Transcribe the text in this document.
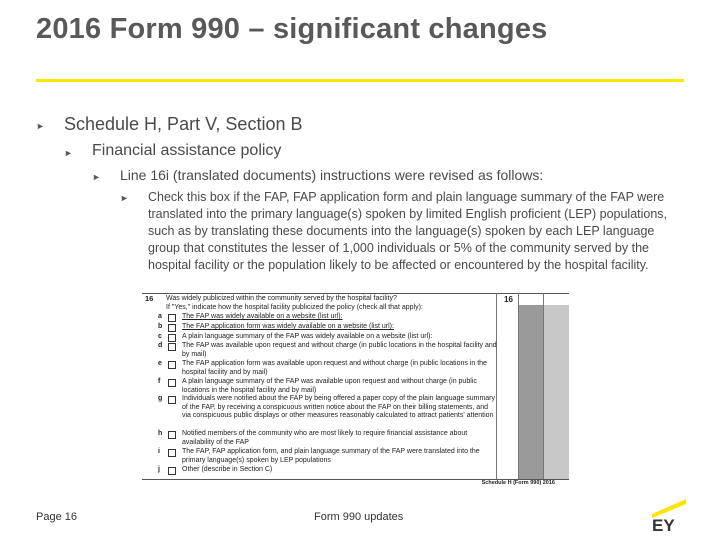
2016 Form 990 – significant changes
► Schedule H, Part V, Section B
► Financial assistance policy
► Line 16i (translated documents) instructions were revised as follows:
► Check this box if the FAP, FAP application form and plain language summary of the FAP were translated into the primary language(s) spoken by limited English proficient (LEP) populations, such as by translating these documents into the language(s) spoken by each LEP language group that constitutes the lesser of 1,000 individuals or 5% of the community served by the hospital facility or the population likely to be affected or encountered by the hospital facility.
16
16 Was widely publicized within the community served by the hospital facility?
If "Yes," indicate how the hospital facility publicized the policy (check all that apply):
a	The FAP was widely available on a website (list url):
b	The FAP application form was widely available on a website (list url):
c	A plain language summary of the FAP was widely available on a website (list url):
d	The FAP was available upon request and without charge (in public locations in the hospital facility and by mail)
e	The FAP application form was available upon request and without charge (in public locations in the hospital facility and by mail)
f	A plain language summary of the FAP was available upon request and without charge (in public locations in the hospital facility and by mail)
g	Individuals were notified about the FAP by being offered a paper copy of the plain language summary of the FAP, by receiving a conspicuous written notice about the FAP on their billing statements, and via conspicuous public displays or other measures reasonably calculated to attract patients' attention
h	Notified members of the community who are most likely to require financial assistance about availability of the FAP
i	The FAP, FAP application form, and plain language summary of the FAP were translated into the primary language(s) spoken by LEP populations
j	Other (describe in Section C)
Schedule H (Form 990) 2016
Page 16	Form 990 updates	EY
